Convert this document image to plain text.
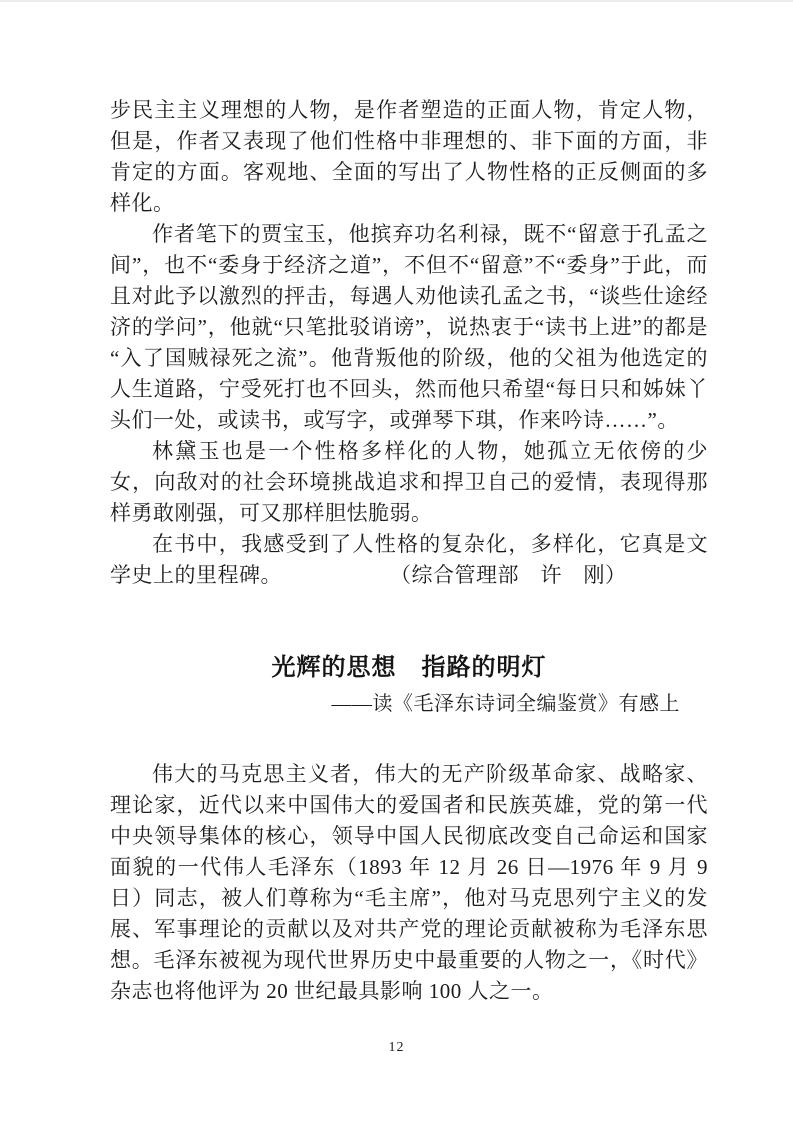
步民主主义理想的人物，是作者塑造的正面人物，肯定人物，但是，作者又表现了他们性格中非理想的、非下面的方面，非肯定的方面。客观地、全面的写出了人物性格的正反侧面的多样化。

作者笔下的贾宝玉，他摈弃功名利禄，既不“留意于孔孟之间”，也不“委身于经济之道”，不但不“留意”不“委身”于此，而且对此予以激烈的抨击，每遇人劝他读孔孟之书，“谈些仕途经济的学问”，他就“只笔批驳诮谤”，说热衷于“读书上进”的都是“入了国贼禄死之流”。他背叛他的阶级，他的父祖为他选定的人生道路，宁受死打也不回头，然而他只希望“每日只和姊妹丫头们一处，或读书，或写字，或弹琴下琪，作来吟诗……”。

林黛玉也是一个性格多样化的人物，她孤立无依傍的少女，向敌对的社会环境挑战追求和捍卫自己的爱情，表现得那样勇敢刚强，可又那样胆怯脆弱。

在书中，我感受到了人性格的复杂化，多样化，它真是文学史上的里程碑。	（综合管理部　许　刚）

光辉的思想　指路的明灯
——读《毛泽东诗词全编鉴赏》有感上

伟大的马克思主义者，伟大的无产阶级革命家、战略家、理论家，近代以来中国伟大的爱国者和民族英雄，党的第一代中央领导集体的核心，领导中国人民彻底改变自己命运和国家面貌的一代伟人毛泽东（1893 年 12 月 26 日—1976 年 9 月 9 日）同志，被人们尊称为“毛主席”，他对马克思列宁主义的发展、军事理论的贡献以及对共产党的理论贡献被称为毛泽东思想。毛泽东被视为现代世界历史中最重要的人物之一，《时代》杂志也将他评为 20 世纪最具影响 100 人之一。

12
